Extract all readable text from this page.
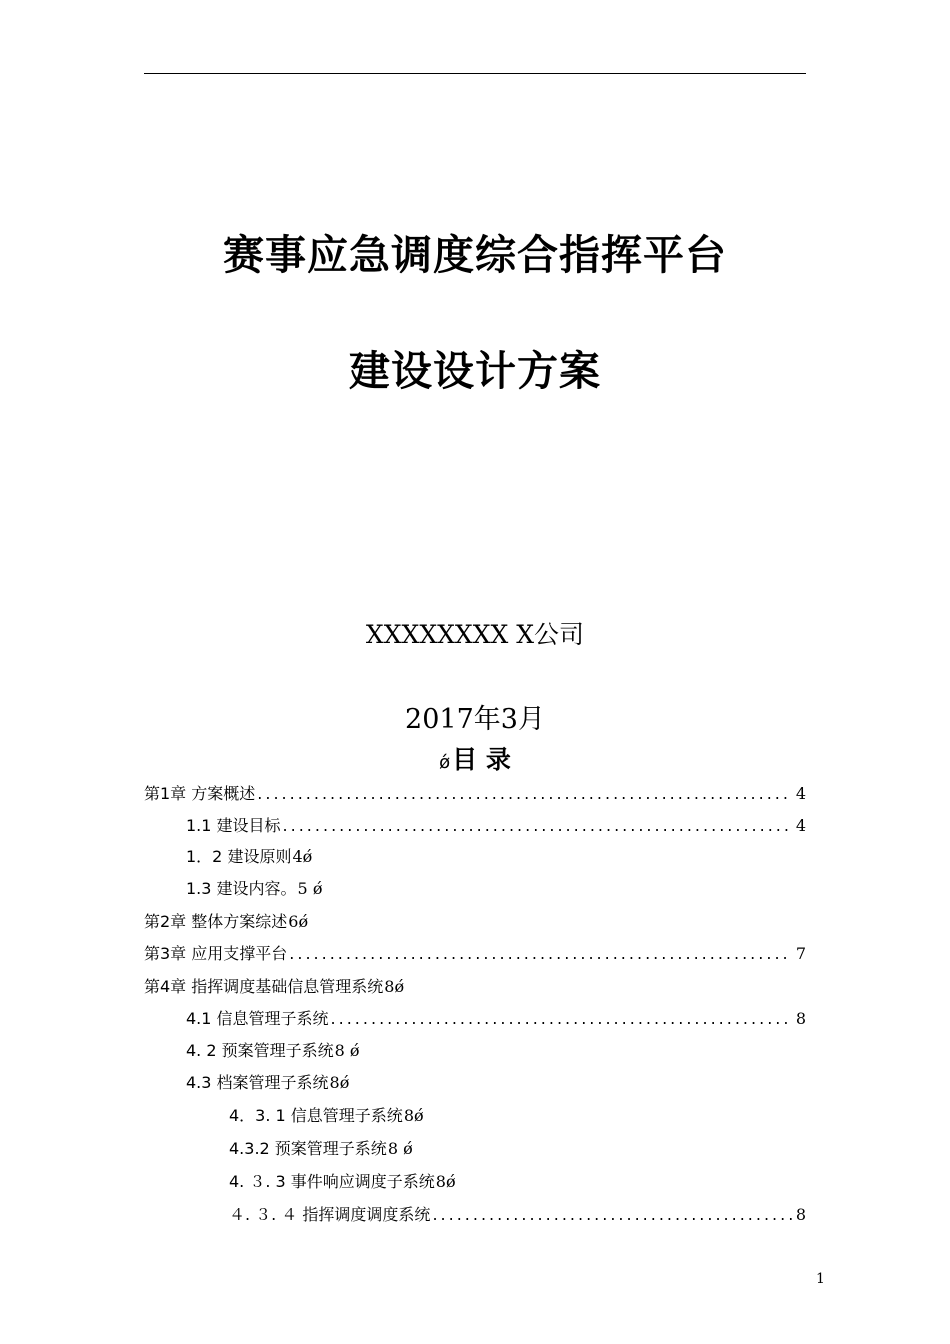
赛事应急调度综合指挥平台
建设设计方案
XXXXXXXX X公司
2017年3月
ǿ目 录
第1章 方案概述 .....	4
1.1 建设目标 .....	4
1．2 建设原则 4ǿ
1.3 建设内容。 5 ǿ
第2章 整体方案综述 6ǿ
第3章 应用支撑平台 .....	7
第4章 指挥调度基础信息管理系统 8ǿ
4.1 信息管理子系统 .....	8
4. 2 预案管理子系统 8 ǿ
4.3 档案管理子系统 8ǿ
4．3. 1 信息管理子系统 8ǿ
4.3.2 预案管理子系统 8 ǿ
4. ３. 3 事件响应调度子系统 8ǿ
４. ３. ４ 指挥调度调度系统 .....	8
1
